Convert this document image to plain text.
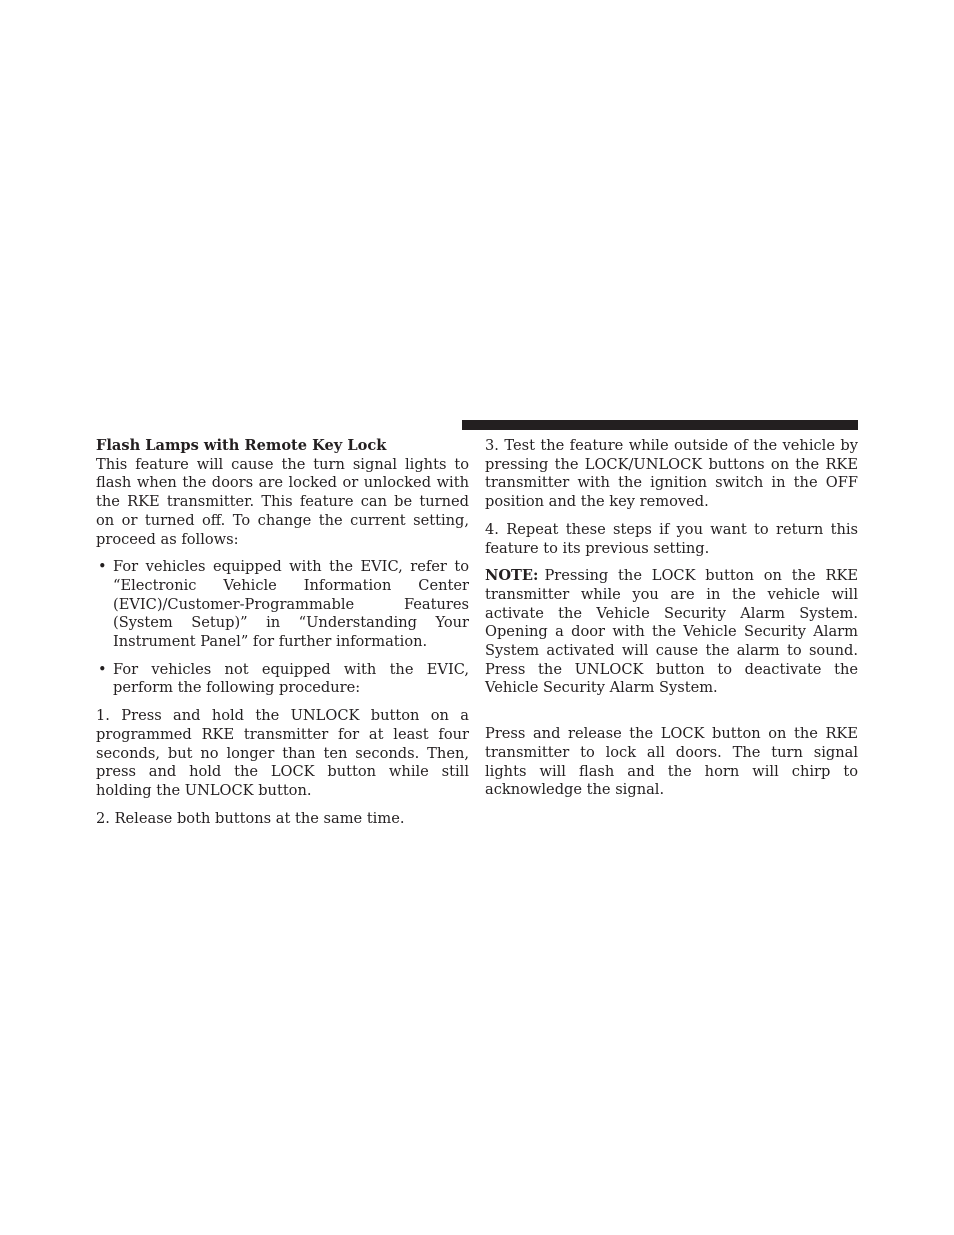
Flash Lamps with Remote Key Lock

This feature will cause the turn signal lights to flash when the doors are locked or unlocked with the RKE transmitter. This feature can be turned on or turned off. To change the current setting, proceed as follows:

• For vehicles equipped with the EVIC, refer to “Electronic Vehicle Information Center (EVIC)/Customer-Programmable Features (System Setup)” in “Understanding Your Instrument Panel” for further information.
• For vehicles not equipped with the EVIC, perform the following procedure:

1. Press and hold the UNLOCK button on a programmed RKE transmitter for at least four seconds, but no longer than ten seconds. Then, press and hold the LOCK button while still holding the UNLOCK button.

2. Release both buttons at the same time.

3. Test the feature while outside of the vehicle by pressing the LOCK/UNLOCK buttons on the RKE transmitter with the ignition switch in the OFF position and the key removed.

4. Repeat these steps if you want to return this feature to its previous setting.

NOTE: Pressing the LOCK button on the RKE transmitter while you are in the vehicle will activate the Vehicle Security Alarm System. Opening a door with the Vehicle Security Alarm System activated will cause the alarm to sound. Press the UNLOCK button to deactivate the Vehicle Security Alarm System.

Press and release the LOCK button on the RKE transmitter to lock all doors. The turn signal lights will flash and the horn will chirp to acknowledge the signal.
